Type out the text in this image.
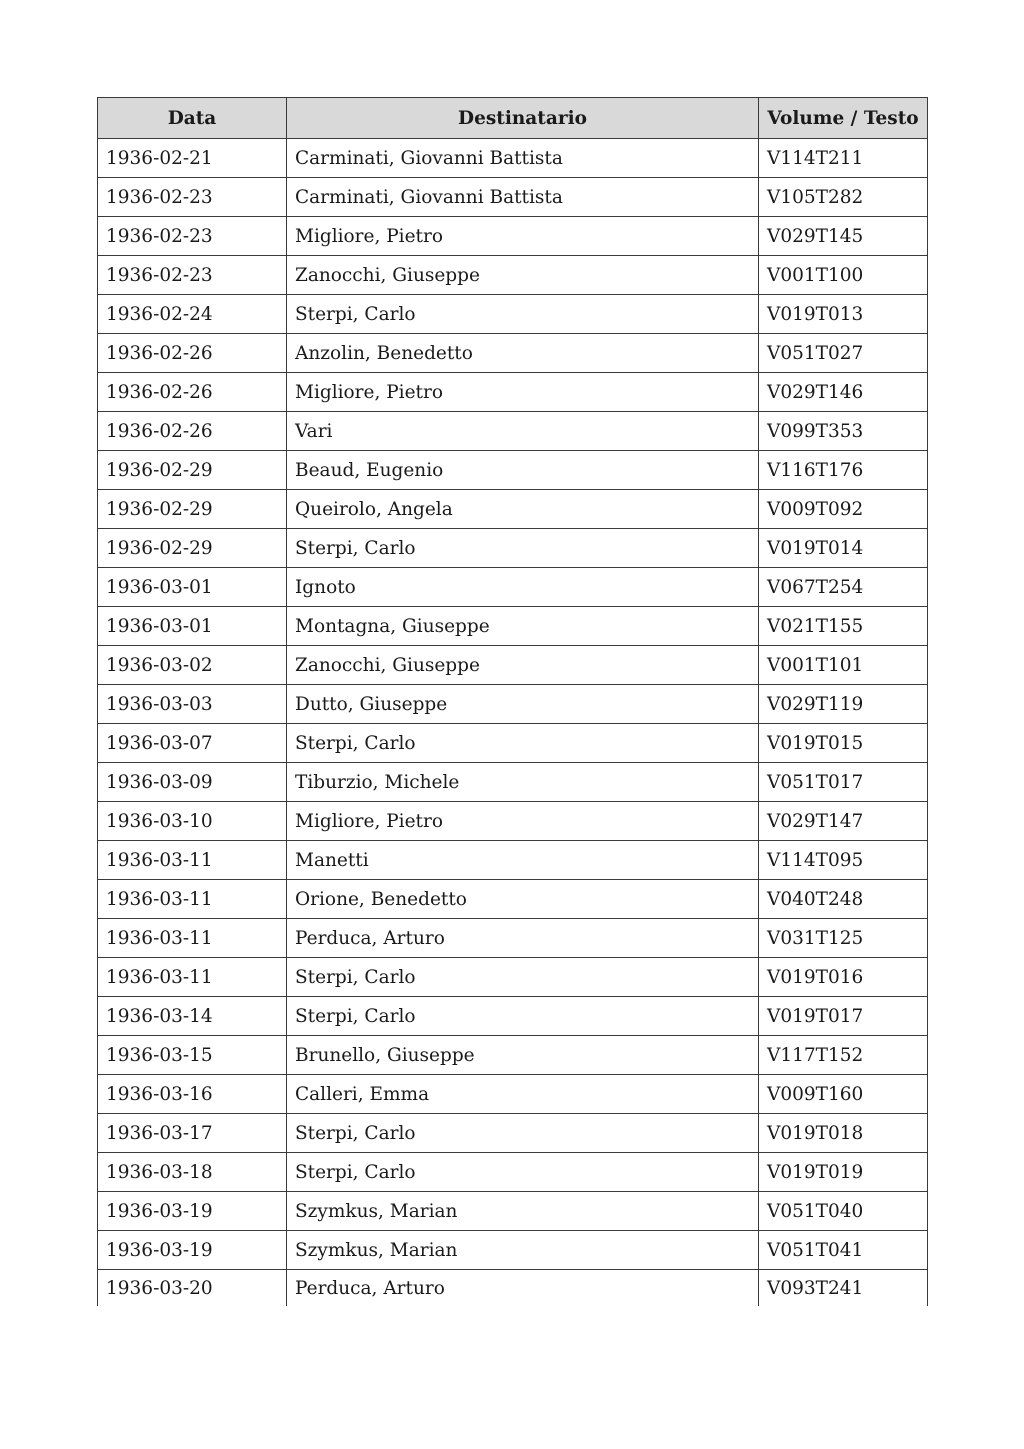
Data	Destinatario	Volume / Testo
1936-02-21	Carminati, Giovanni Battista	V114T211
1936-02-23	Carminati, Giovanni Battista	V105T282
1936-02-23	Migliore, Pietro	V029T145
1936-02-23	Zanocchi, Giuseppe	V001T100
1936-02-24	Sterpi, Carlo	V019T013
1936-02-26	Anzolin, Benedetto	V051T027
1936-02-26	Migliore, Pietro	V029T146
1936-02-26	Vari	V099T353
1936-02-29	Beaud, Eugenio	V116T176
1936-02-29	Queirolo, Angela	V009T092
1936-02-29	Sterpi, Carlo	V019T014
1936-03-01	Ignoto	V067T254
1936-03-01	Montagna, Giuseppe	V021T155
1936-03-02	Zanocchi, Giuseppe	V001T101
1936-03-03	Dutto, Giuseppe	V029T119
1936-03-07	Sterpi, Carlo	V019T015
1936-03-09	Tiburzio, Michele	V051T017
1936-03-10	Migliore, Pietro	V029T147
1936-03-11	Manetti	V114T095
1936-03-11	Orione, Benedetto	V040T248
1936-03-11	Perduca, Arturo	V031T125
1936-03-11	Sterpi, Carlo	V019T016
1936-03-14	Sterpi, Carlo	V019T017
1936-03-15	Brunello, Giuseppe	V117T152
1936-03-16	Calleri, Emma	V009T160
1936-03-17	Sterpi, Carlo	V019T018
1936-03-18	Sterpi, Carlo	V019T019
1936-03-19	Szymkus, Marian	V051T040
1936-03-19	Szymkus, Marian	V051T041
1936-03-20	Perduca, Arturo	V093T241
